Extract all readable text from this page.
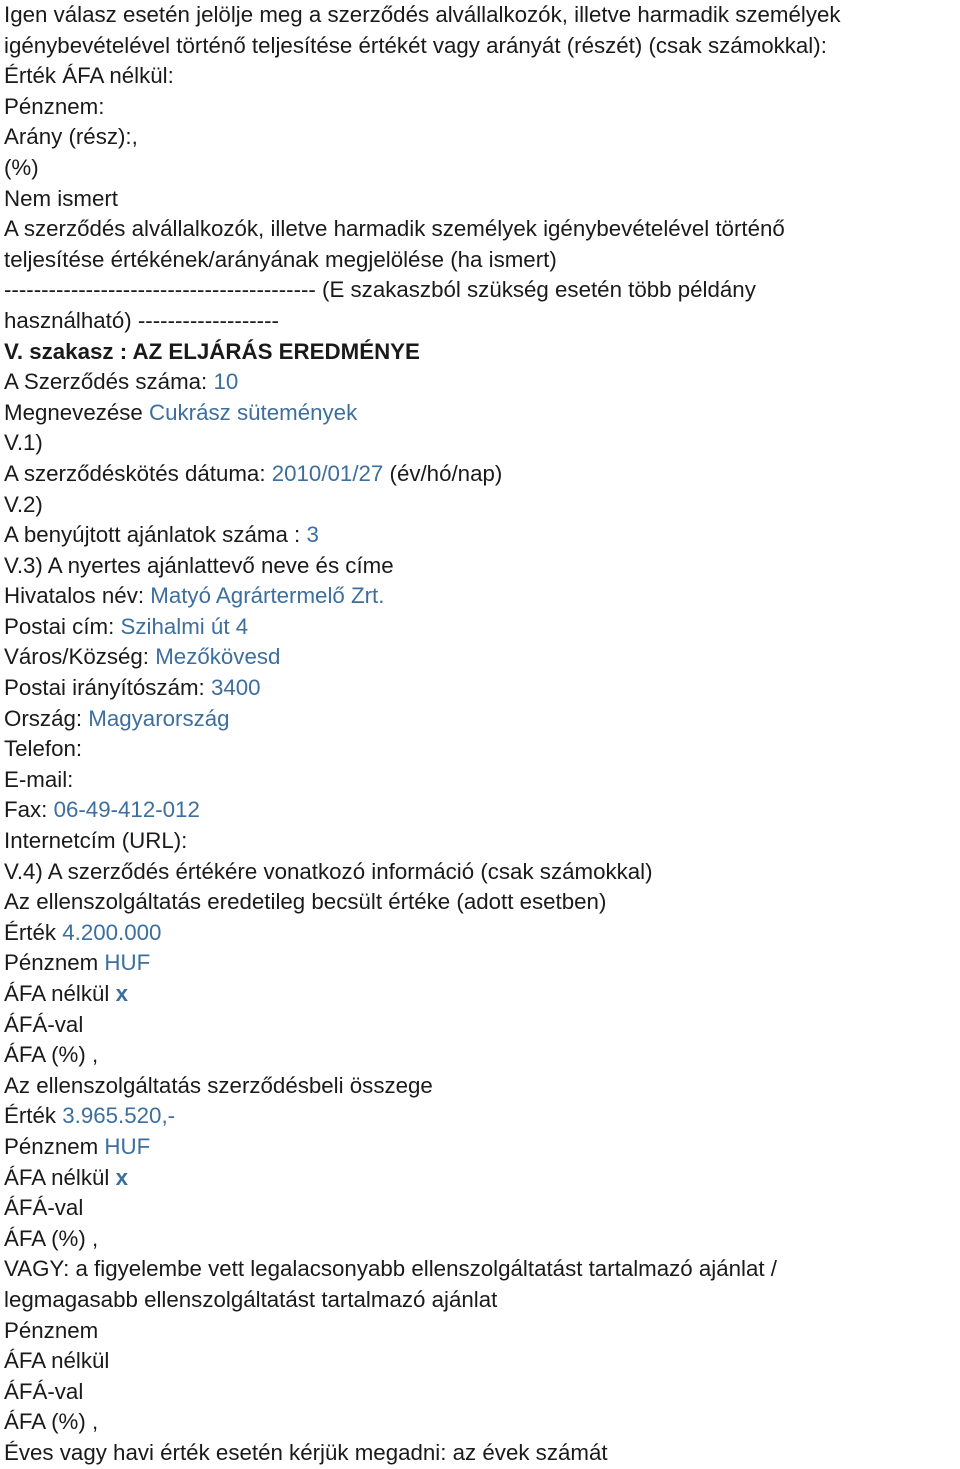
Igen válasz esetén jelölje meg a szerződés alvállalkozók, illetve harmadik személyek
igénybevételével történő teljesítése értékét vagy arányát (részét) (csak számokkal):
Érték ÁFA nélkül:
Pénznem:
Arány (rész):,
(%)
Nem ismert
A szerződés alvállalkozók, illetve harmadik személyek igénybevételével történő
teljesítése értékének/arányának megjelölése (ha ismert)
------------------------------------------ (E szakaszból szükség esetén több példány
használható) -------------------
V. szakasz : AZ ELJÁRÁS EREDMÉNYE
A Szerződés száma: 10
Megnevezése Cukrász sütemények
V.1)
A szerződéskötés dátuma: 2010/01/27 (év/hó/nap)
V.2)
A benyújtott ajánlatok száma : 3
V.3) A nyertes ajánlattevő neve és címe
Hivatalos név: Matyó Agrártermelő Zrt.
Postai cím: Szihalmi út 4
Város/Község: Mezőkövesd
Postai irányítószám: 3400
Ország: Magyarország
Telefon:
E-mail:
Fax: 06-49-412-012
Internetcím (URL):
V.4) A szerződés értékére vonatkozó információ (csak számokkal)
Az ellenszolgáltatás eredetileg becsült értéke (adott esetben)
Érték 4.200.000
Pénznem HUF
ÁFA nélkül x
ÁFÁ-val
ÁFA (%) ,
Az ellenszolgáltatás szerződésbeli összege
Érték 3.965.520,-
Pénznem HUF
ÁFA nélkül x
ÁFÁ-val
ÁFA (%) ,
VAGY: a figyelembe vett legalacsonyabb ellenszolgáltatást tartalmazó ajánlat /
legmagasabb ellenszolgáltatást tartalmazó ajánlat
Pénznem
ÁFA nélkül
ÁFÁ-val
ÁFA (%) ,
Éves vagy havi érték esetén kérjük megadni: az évek számát
